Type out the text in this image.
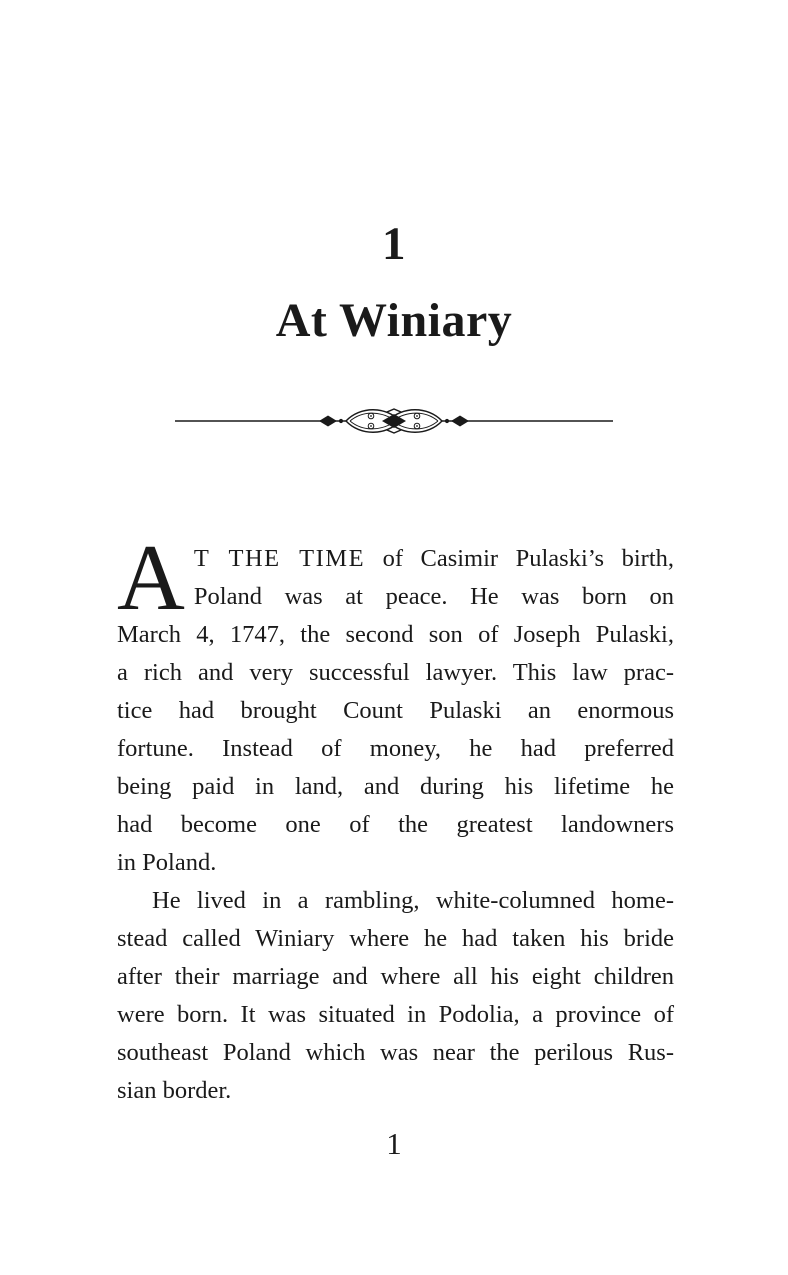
1
At Winiary
A T THE TIME of Casimir Pulaski’s birth,
Poland was at peace. He was born on
March 4, 1747, the second son of Joseph Pulaski,
a rich and very successful lawyer. This law prac-
tice had brought Count Pulaski an enormous
fortune. Instead of money, he had preferred
being paid in land, and during his lifetime he
had become one of the greatest landowners
in Poland.
He lived in a rambling, white-columned home-
stead called Winiary where he had taken his bride
after their marriage and where all his eight children
were born. It was situated in Podolia, a province of
southeast Poland which was near the perilous Rus-
sian border.
1
